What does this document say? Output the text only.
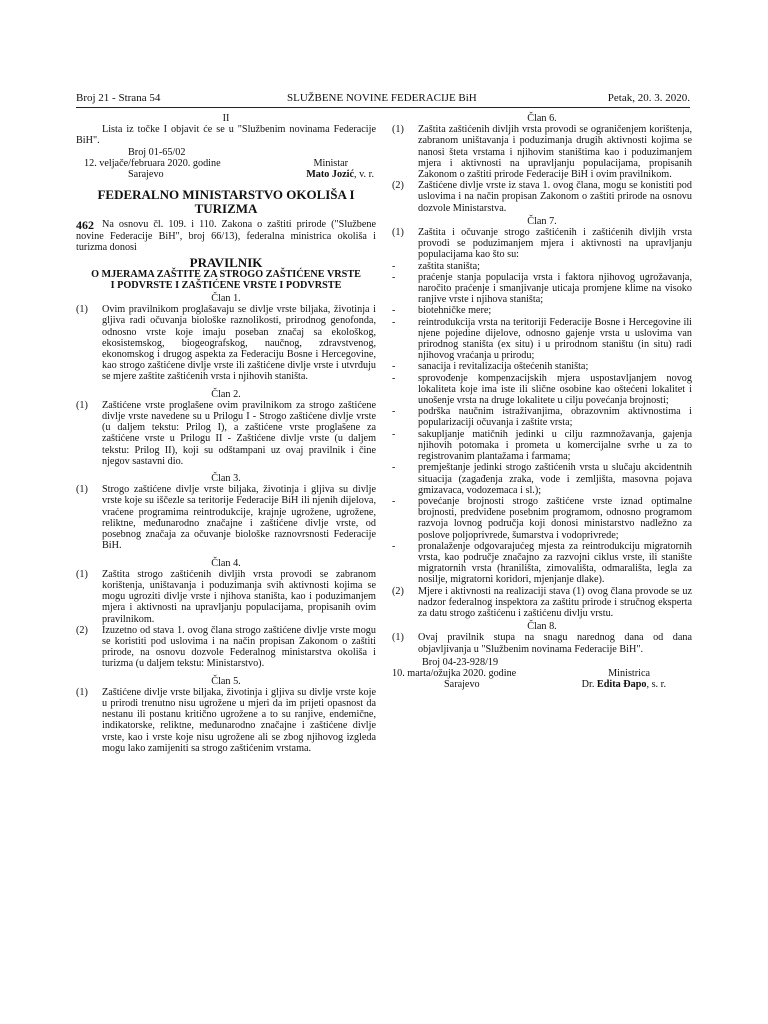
Broj 21 - Strana 54	SLUŽBENE NOVINE FEDERACIJE BiH	Petak, 20. 3. 2020.
II
Lista iz točke I objavit će se u "Službenim novinama Federacije BiH".
Broj 01-65/02
12. veljače/februara 2020. godine	Ministar
Sarajevo	Mato Jozić, v. r.
FEDERALNO MINISTARSTVO OKOLIŠA I TURIZMA
462 Na osnovu čl. 109. i 110. Zakona o zaštiti prirode ("Službene novine Federacije BiH", broj 66/13), federalna ministrica okoliša i turizma donosi
PRAVILNIK
O MJERAMA ZAŠTITE ZA STROGO ZAŠTIĆENE VRSTE I PODVRSTE I ZAŠTIĆENE VRSTE I PODVRSTE
Član 1.
(1)	Ovim pravilnikom proglašavaju se divlje vrste biljaka, životinja i gljiva radi očuvanja biološke raznolikosti, prirodnog genofonda, odnosno vrste koje imaju poseban značaj sa ekološkog, ekosistemskog, biogeografskog, naučnog, zdravstvenog, ekonomskog i drugog aspekta za Federaciju Bosne i Hercegovine, kao strogo zaštićene divlje vrste ili zaštićene divlje vrste i utvrđuju se mjere zaštite zaštićenih vrsta i njihovih staništa.
Član 2.
(1)	Zaštićene vrste proglašene ovim pravilnikom za strogo zaštićene divlje vrste navedene su u Prilogu I - Strogo zaštićene divlje vrste (u daljem tekstu: Prilog I), a zaštićene vrste proglašene za zaštićene vrste u Prilogu II - Zaštićene divlje vrste (u daljem tekstu: Prilog II), koji su odštampani uz ovaj pravilnik i čine njegov sastavni dio.
Član 3.
(1)	Strogo zaštićene divlje vrste biljaka, životinja i gljiva su divlje vrste koje su iščezle sa teritorije Federacije BiH ili njenih dijelova, vraćene programima reintrodukcije, krajnje ugrožene, ugrožene, reliktne, međunarodno značajne i zaštićene divlje vrste, od posebnog značaja za očuvanje biološke raznovrsnosti Federacije BiH.
Član 4.
(1)	Zaštita strogo zaštićenih divljih vrsta provodi se zabranom korištenja, uništavanja i poduzimanja svih aktivnosti kojima se mogu ugroziti divlje vrste i njihova staništa, kao i poduzimanjem mjera i aktivnosti na upravljanju populacijama, propisanih ovim pravilnikom.
(2)	Izuzetno od stava 1. ovog člana strogo zaštićene divlje vrste mogu se koristiti pod uslovima i na način propisan Zakonom o zaštiti prirode, na osnovu dozvole Federalnog ministarstva okoliša i turizma (u daljem tekstu: Ministarstvo).
Član 5.
(1)	Zaštićene divlje vrste biljaka, životinja i gljiva su divlje vrste koje u prirodi trenutno nisu ugrožene u mjeri da im prijeti opasnost da nestanu ili postanu kritično ugrožene a to su ranjive, endemične, indikatorske, reliktne, međunarodno značajne i zaštićene divlje vrste, kao i vrste koje nisu ugrožene ali se zbog njihovog izgleda mogu lako zamijeniti sa strogo zaštićenim vrstama.
Član 6.
(1)	Zaštita zaštićenih divljih vrsta provodi se ograničenjem korištenja, zabranom uništavanja i poduzimanja drugih aktivnosti kojima se nanosi šteta vrstama i njihovim staništima kao i poduzimanjem mjera i aktivnosti na upravljanju populacijama, propisanih Zakonom o zaštiti prirode Federacije BiH i ovim pravilnikom.
(2)	Zaštićene divlje vrste iz stava 1. ovog člana, mogu se konistiti pod uslovima i na način propisan Zakonom o zaštiti prirode na osnovu dozvole Ministarstva.
Član 7.
(1)	Zaštita i očuvanje strogo zaštićenih i zaštićenih divljih vrsta provodi se poduzimanjem mjera i aktivnosti na upravljanju populacijama kao što su:
-	zaštita staništa;
-	praćenje stanja populacija vrsta i faktora njihovog ugrožavanja, naročito praćenje i smanjivanje uticaja promjene klime na visoko ranjive vrste i njihova staništa;
-	biotehničke mere;
-	reintrodukcija vrsta na teritoriji Federacije Bosne i Hercegovine ili njene pojedine dijelove, odnosno gajenje vrsta u uslovima van prirodnog staništa (ex situ) i u prirodnom staništu (in situ) radi njihovog vraćanja u prirodu;
-	sanacija i revitalizacija oštećenih staništa;
-	sprovođenje kompenzacijskih mjera uspostavljanjem novog lokaliteta koje ima iste ili slične osobine kao oštećeni lokalitet i unošenje vrsta na druge lokalitete u cilju povećanja brojnosti;
-	podrška naučnim istraživanjima, obrazovnim aktivnostima i popularizaciji očuvanja i zaštite vrsta;
-	sakupljanje matičnih jedinki u cilju razmnožavanja, gajenja njihovih potomaka i prometa u komercijalne svrhe u za to registrovanim plantažama i farmama;
-	premještanje jedinki strogo zaštićenih vrsta u slučaju akcidentnih situacija (zagađenja zraka, vode i zemljišta, masovna pojava gmizavaca, vodozemaca i sl.);
-	povećanje brojnosti strogo zaštićene vrste iznad optimalne brojnosti, predviđene posebnim programom, odnosno programom razvoja lovnog područja koji donosi ministarstvo nadležno za poslove poljoprivrede, šumarstva i vodoprivrede;
-	pronalaženje odgovarajućeg mjesta za reintrodukciju migratornih vrsta, kao područje značajno za razvojni ciklus vrste, ili stanište migratornih vrsta (hranilišta, zimovališta, odmarališta, legla za nosilje, migratorni koridori, mjenjanje dlake).
(2)	Mjere i aktivnosti na realizaciji stava (1) ovog člana provode se uz nadzor federalnog inspektora za zaštitu prirode i stručnog eksperta za datu strogo zaštićenu i zaštićenu divlju vrstu.
Član 8.
(1)	Ovaj pravilnik stupa na snagu narednog dana od dana objavljivanja u "Službenim novinama Federacije BiH".
Broj 04-23-928/19
10. marta/ožujka 2020. godine	Ministrica
Sarajevo	Dr. Edita Đapo, s. r.
